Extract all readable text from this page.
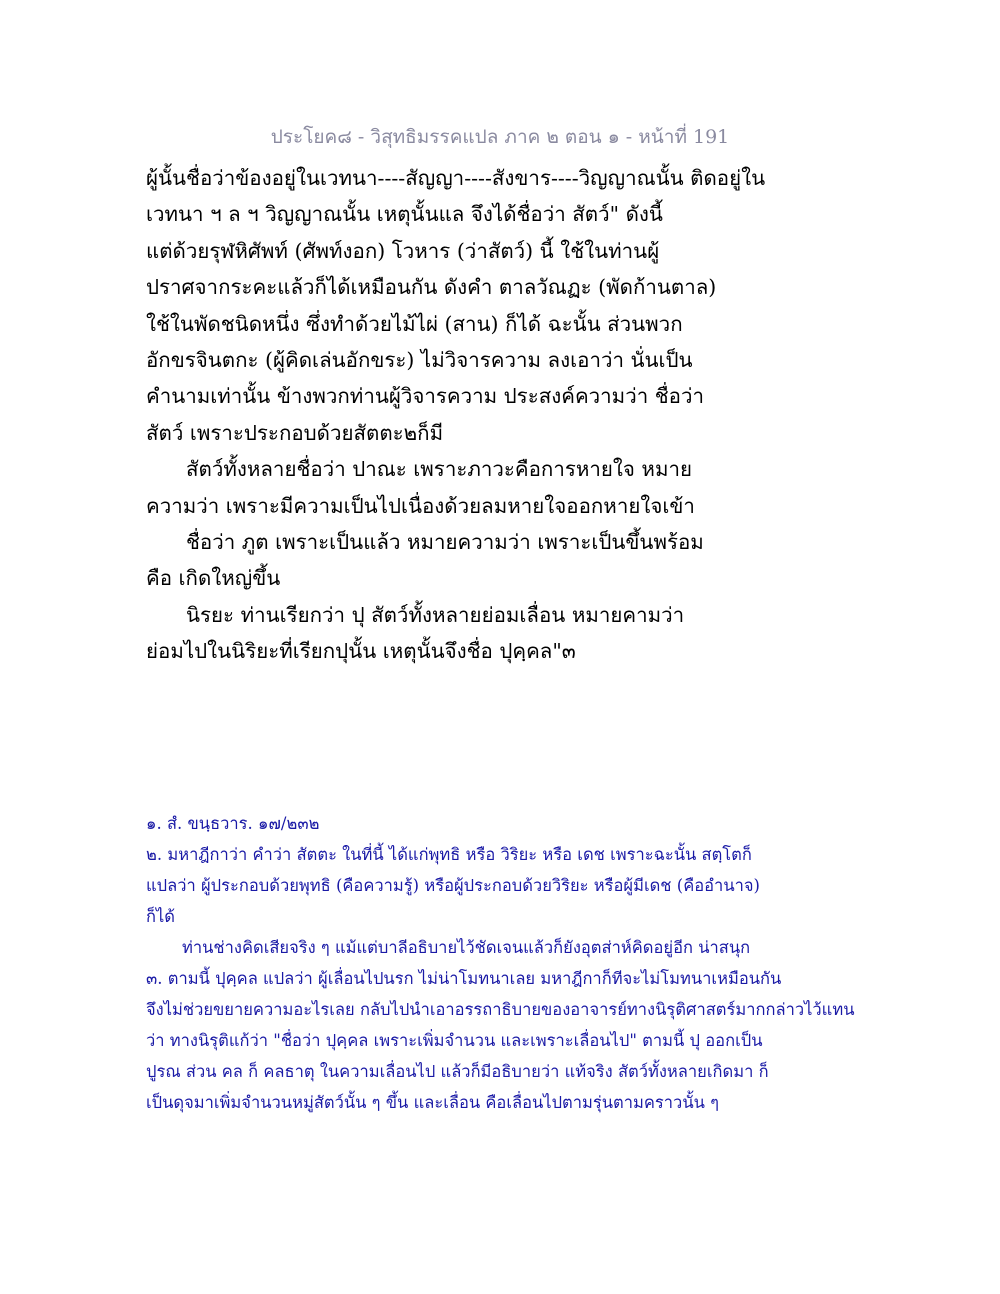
ประโยค๘ - วิสุทธิมรรคแปล ภาค ๒ ตอน ๑ - หน้าที่ 191
ผู้นั้นชื่อว่าข้องอยู่ในเวทนา----สัญญา----สังขาร----วิญญาณนั้น ติดอยู่ใน
เวทนา ฯ ล ฯ วิญญาณนั้น เหตุนั้นแล จึงได้ชื่อว่า สัตว์" ดังนี้
แต่ด้วยรุฬหิศัพท์ (ศัพท์งอก) โวหาร (ว่าสัตว์) นี้ ใช้ในท่านผู้
ปราศจากระคะแล้วก็ได้เหมือนกัน ดังคำ ตาลวัณฏะ (พัดก้านตาล)
ใช้ในพัดชนิดหนึ่ง ซึ่งทำด้วยไม้ไผ่ (สาน) ก็ได้ ฉะนั้น ส่วนพวก
อักขรจินตกะ (ผู้คิดเล่นอักขระ) ไม่วิจารความ ลงเอาว่า นั่นเป็น
คำนามเท่านั้น ข้างพวกท่านผู้วิจารความ ประสงค์ความว่า ชื่อว่า
สัตว์ เพราะประกอบด้วยสัตตะ๒ก็มี
สัตว์ทั้งหลายชื่อว่า ปาณะ เพราะภาวะคือการหายใจ หมาย
ความว่า เพราะมีความเป็นไปเนื่องด้วยลมหายใจออกหายใจเข้า
ชื่อว่า ภูต เพราะเป็นแล้ว หมายความว่า เพราะเป็นขึ้นพร้อม
คือ เกิดใหญ่ขึ้น
นิรยะ ท่านเรียกว่า ปุ สัตว์ทั้งหลายย่อมเลื่อน หมายคามว่า
ย่อมไปในนิริยะที่เรียกปุนั้น เหตุนั้นจึงชื่อ ปุคฺคล"๓
๑. สํ. ขนฺธวาร. ๑๗/๒๓๒
๒. มหาฎีกาว่า คำว่า สัตตะ ในที่นี้ ได้แก่พุทธิ หรือ วิริยะ หรือ เดช เพราะฉะนั้น สตฺโตก็
แปลว่า ผู้ประกอบด้วยพุทธิ (คือความรู้) หรือผู้ประกอบด้วยวิริยะ หรือผู้มีเดช (คืออำนาจ)
ก็ได้
ท่านช่างคิดเสียจริง ๆ แม้แต่บาลีอธิบายไว้ชัดเจนแล้วก็ยังอุตส่าห์คิดอยู่อีก น่าสนุก
๓. ตามนี้ ปุคฺคล แปลว่า ผู้เลื่อนไปนรก ไม่น่าโมทนาเลย มหาฎีกาก็ทีจะไม่โมทนาเหมือนกัน
จึงไม่ช่วยขยายความอะไรเลย กลับไปนำเอาอรรถาธิบายของอาจารย์ทางนิรุติศาสตร์มากกล่าวไว้แทน
ว่า ทางนิรุติแก้ว่า "ชื่อว่า ปุคฺคล เพราะเพิ่มจำนวน และเพราะเลื่อนไป" ตามนี้ ปุ ออกเป็น
ปูรณ ส่วน คล ก็ คลธาตุ ในความเลื่อนไป แล้วก็มีอธิบายว่า แท้จริง สัตว์ทั้งหลายเกิดมา ก็
เป็นดุจมาเพิ่มจำนวนหมู่สัตว์นั้น ๆ ขึ้น และเลื่อน คือเลื่อนไปตามรุ่นตามคราวนั้น ๆ
